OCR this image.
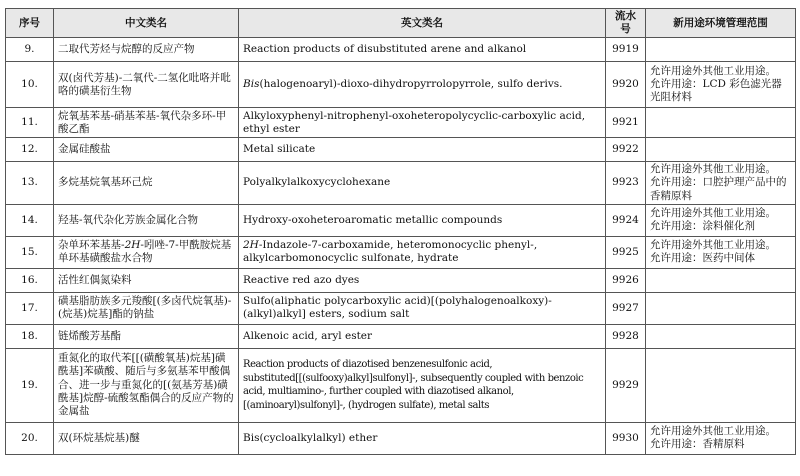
序号	中文类名	英文类名	流水号	新用途环境管理范围
9.	二取代芳烃与烷醇的反应产物	Reaction products of disubstituted arene and alkanol	9919	
10.	双(卤代芳基)-二氧代-二氢化吡咯并吡咯的磺基衍生物	Bis(halogenoaryl)-dioxo-dihydropyrrolopyrrole, sulfo derivs.	9920	允许用途外其他工业用途。
允许用途：LCD 彩色滤光器光阻材料

11.	烷氧基苯基-硝基苯基-氧代杂多环-甲酸乙酯	Alkyloxyphenyl-nitrophenyl-oxoheteropolycyclic-carboxylic acid, ethyl ester	9921	
12.	金属硅酸盐	Metal silicate	9922	
13.	多烷基烷氧基环己烷	Polyalkylalkoxycyclohexane	9923	允许用途外其他工业用途。
允许用途：口腔护理产品中的香精原料

14.	羟基-氧代杂化芳族金属化合物	Hydroxy-oxoheteroaromatic metallic compounds	9924	允许用途外其他工业用途。
允许用途：涂料催化剂

15.	杂单环苯基基-2H-吲唑-7-甲酰胺烷基单环基磺酸盐水合物	2H-Indazole-7-carboxamide, heteromonocyclic phenyl-, alkylcarbomonocyclic sulfonate, hydrate	9925	允许用途外其他工业用途。
允许用途：医药中间体

16.	活性红偶氮染料	Reactive red azo dyes	9926	
17.	磺基脂肪族多元羧酸[(多卤代烷氧基)-(烷基)烷基]酯的钠盐	Sulfo(aliphatic polycarboxylic acid)[(polyhalogenoalkoxy)-(alkyl)alkyl] esters, sodium salt	9927	
18.	链烯酸芳基酯	Alkenoic acid, aryl ester	9928	
19.	重氮化的取代苯[[(磺酸氧基)烷基]磺酰基]苯磺酸、随后与多氨基苯甲酸偶合、进一步与重氮化的[(氨基芳基)磺酰基]烷醇-硫酸氢酯偶合的反应产物的金属盐	Reaction products of diazotised benzenesulfonic acid, substituted[[(sulfooxy)alkyl]sulfonyl]-, subsequently coupled with benzoic acid, multiamino-, further coupled with diazotised alkanol,[(aminoaryl)sulfonyl]-, (hydrogen sulfate), metal salts	9929	
20.	双(环烷基烷基)醚	Bis(cycloalkylalkyl) ether	9930	允许用途外其他工业用途。
允许用途：香精原料
